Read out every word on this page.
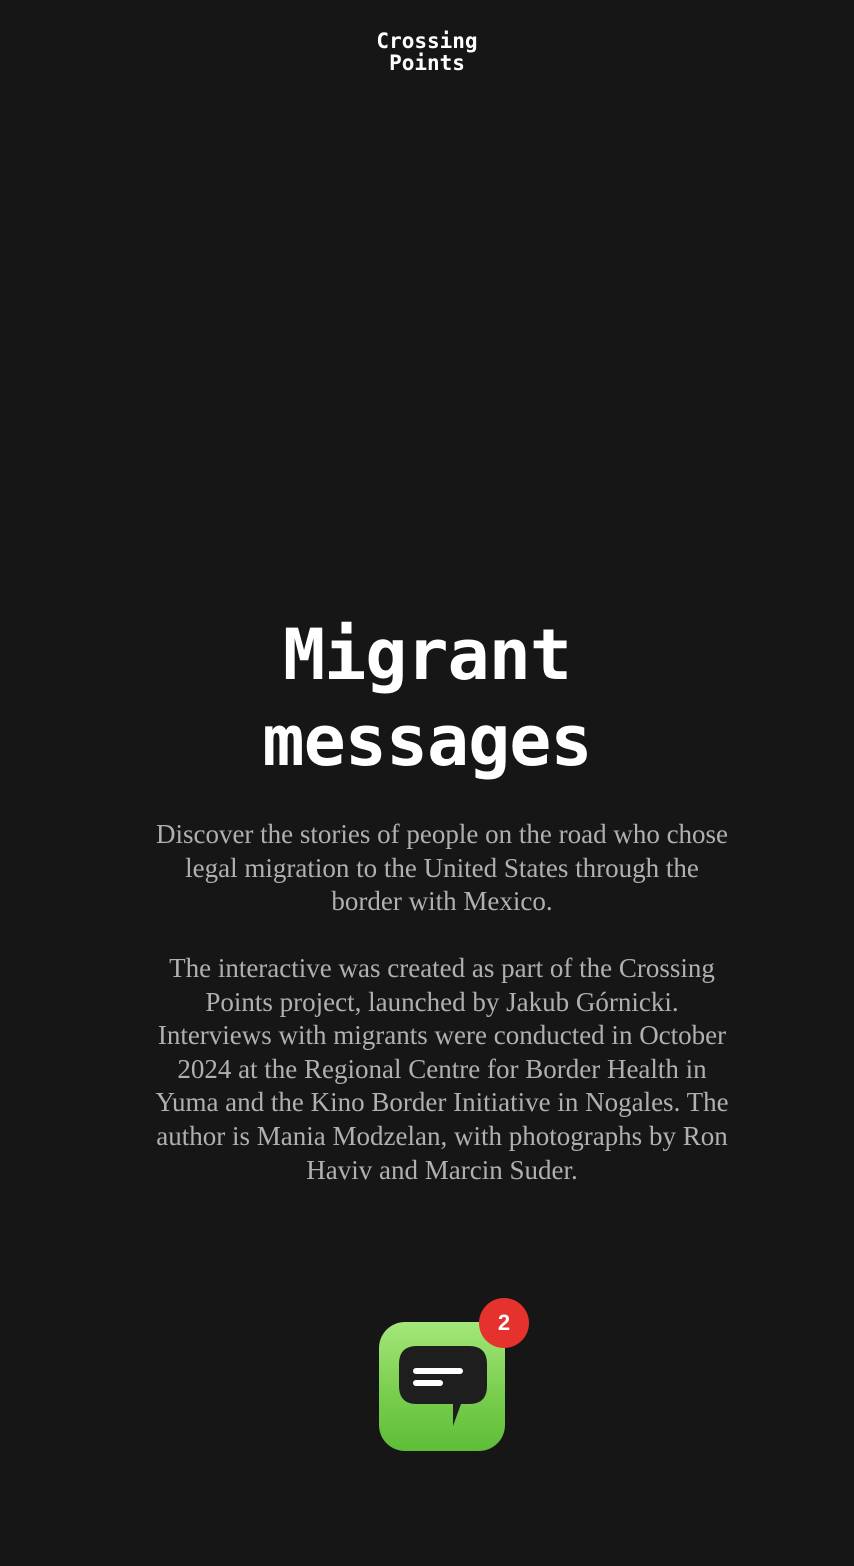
Crossing
Points
Migrant
messages

Discover the stories of people on the road who chose legal migration to the United States through the border with Mexico.

The interactive was created as part of the Crossing Points project, launched by Jakub Górnicki. Interviews with migrants were conducted in October 2024 at the Regional Centre for Border Health in Yuma and the Kino Border Initiative in Nogales. The author is Mania Modzelan, with photographs by Ron Haviv and Marcin Suder.

2
